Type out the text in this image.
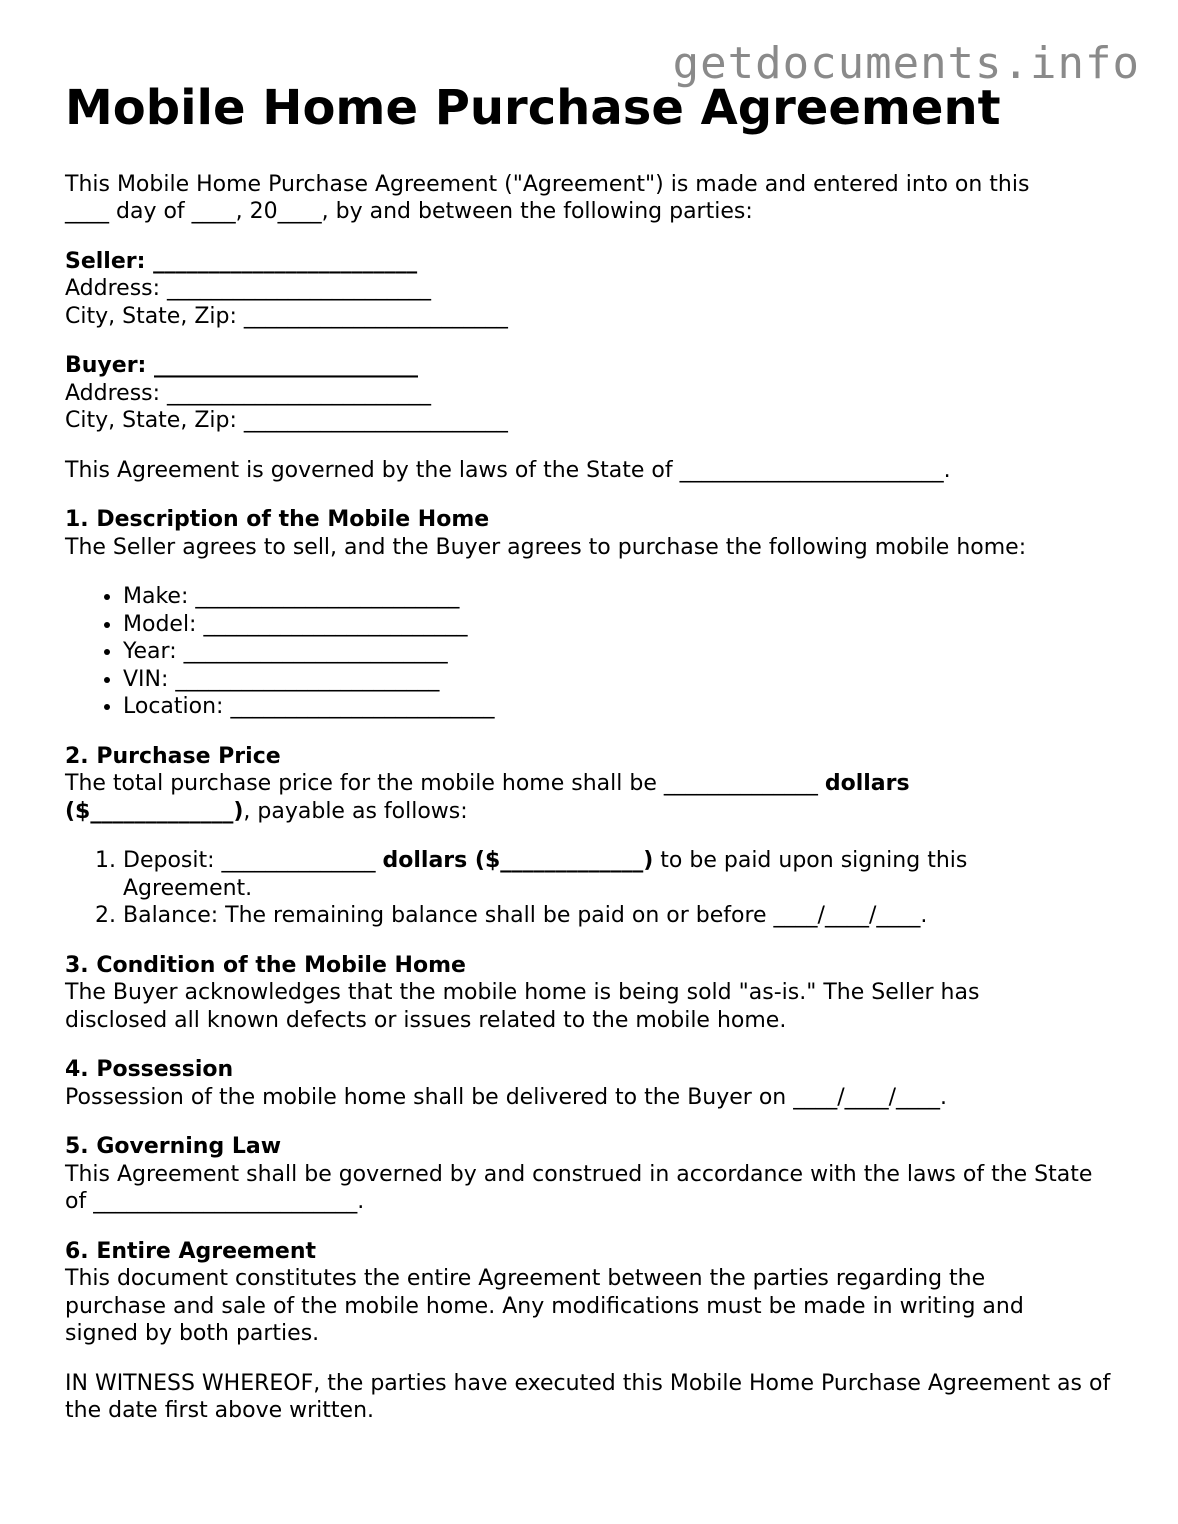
getdocuments.info
Mobile Home Purchase Agreement

This Mobile Home Purchase Agreement ("Agreement") is made and entered into on this
____ day of ____, 20____, by and between the following parties:

Seller: ________________________
Address: ________________________
City, State, Zip: ________________________
Buyer: ________________________
Address: ________________________
City, State, Zip: ________________________

This Agreement is governed by the laws of the State of ________________________.

1. Description of the Mobile Home

The Seller agrees to sell, and the Buyer agrees to purchase the following mobile home:

• Make: ________________________
• Model: ________________________
• Year: ________________________
• VIN: ________________________
• Location: ________________________
2. Purchase Price

The total purchase price for the mobile home shall be ______________ dollars
($_____________), payable as follows:

1. Deposit: ______________ dollars ($_____________) to be paid upon signing this Agreement.
2. Balance: The remaining balance shall be paid on or before ____/____/____.
3. Condition of the Mobile Home

The Buyer acknowledges that the mobile home is being sold "as-is." The Seller has disclosed all known defects or issues related to the mobile home.

4. Possession

Possession of the mobile home shall be delivered to the Buyer on ____/____/____.

5. Governing Law

This Agreement shall be governed by and construed in accordance with the laws of the State of ________________________.

6. Entire Agreement

This document constitutes the entire Agreement between the parties regarding the purchase and sale of the mobile home. Any modifications must be made in writing and signed by both parties.

IN WITNESS WHEREOF, the parties have executed this Mobile Home Purchase Agreement as of the date first above written.
